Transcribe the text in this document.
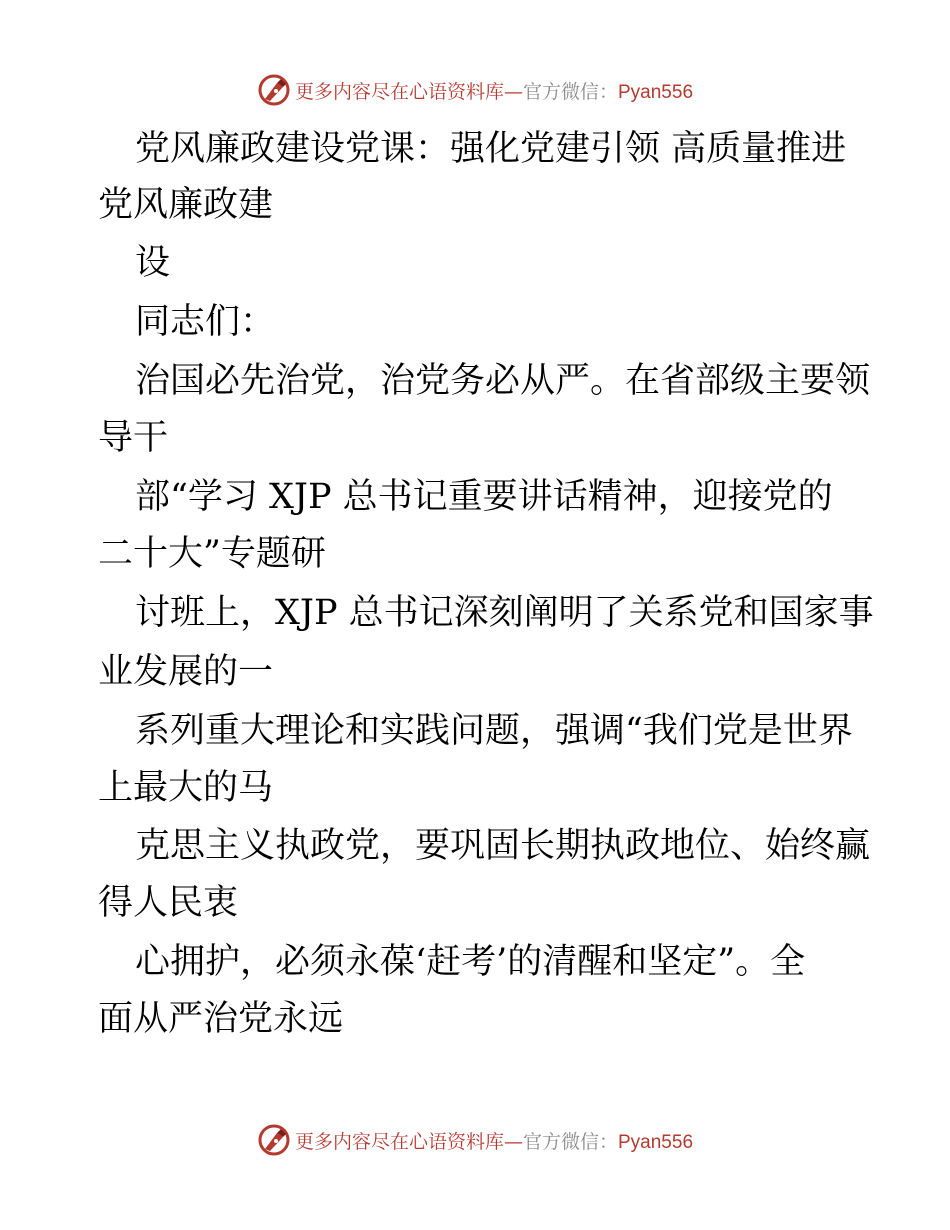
更多内容尽在心语资料库—官方微信：Pyan556
党风廉政建设党课：强化党建引领 高质量推进
党风廉政建
设
同志们：
治国必先治党，治党务必从严。在省部级主要领
导干
部“学习 XJP 总书记重要讲话精神，迎接党的
二十大”专题研
讨班上，XJP 总书记深刻阐明了关系党和国家事
业发展的一
系列重大理论和实践问题，强调“我们党是世界
上最大的马
克思主义执政党，要巩固长期执政地位、始终赢
得人民衷
心拥护，必须永葆‘赶考’的清醒和坚定”。全
面从严治党永远
更多内容尽在心语资料库—官方微信：Pyan556
